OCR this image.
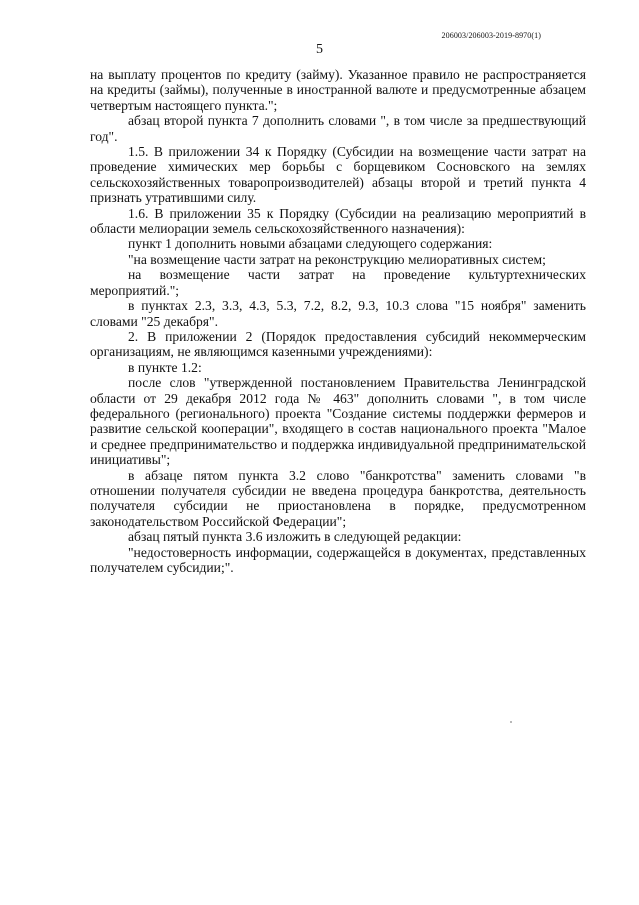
206003/206003-2019-8970(1)
5

на выплату процентов по кредиту (займу). Указанное правило не распространяется на кредиты (займы), полученные в иностранной валюте и предусмотренные абзацем четвертым настоящего пункта.";

абзац второй пункта 7 дополнить словами ", в том числе за предшествующий год".

1.5. В приложении 34 к Порядку (Субсидии на возмещение части затрат на проведение химических мер борьбы с борщевиком Сосновского на землях сельскохозяйственных товаропроизводителей) абзацы второй и третий пункта 4 признать утратившими силу.

1.6. В приложении 35 к Порядку (Субсидии на реализацию мероприятий в области мелиорации земель сельскохозяйственного назначения):

пункт 1 дополнить новыми абзацами следующего содержания:

"на возмещение части затрат на реконструкцию мелиоративных систем;

на возмещение части затрат на проведение культуртехнических мероприятий.";

в пунктах 2.3, 3.3, 4.3, 5.3, 7.2, 8.2, 9.3, 10.3 слова "15 ноября" заменить словами "25 декабря".

2. В приложении 2 (Порядок предоставления субсидий некоммерческим организациям, не являющимся казенными учреждениями):

в пункте 1.2:

после слов "утвержденной постановлением Правительства Ленинградской области от 29 декабря 2012 года № 463" дополнить словами ", в том числе федерального (регионального) проекта "Создание системы поддержки фермеров и развитие сельской кооперации", входящего в состав национального проекта "Малое и среднее предпринимательство и поддержка индивидуальной предпринимательской инициативы";

в абзаце пятом пункта 3.2 слово "банкротства" заменить словами "в отношении получателя субсидии не введена процедура банкротства, деятельность получателя субсидии не приостановлена в порядке, предусмотренном законодательством Российской Федерации";

абзац пятый пункта 3.6 изложить в следующей редакции:

"недостоверность информации, содержащейся в документах, представленных получателем субсидии;".
